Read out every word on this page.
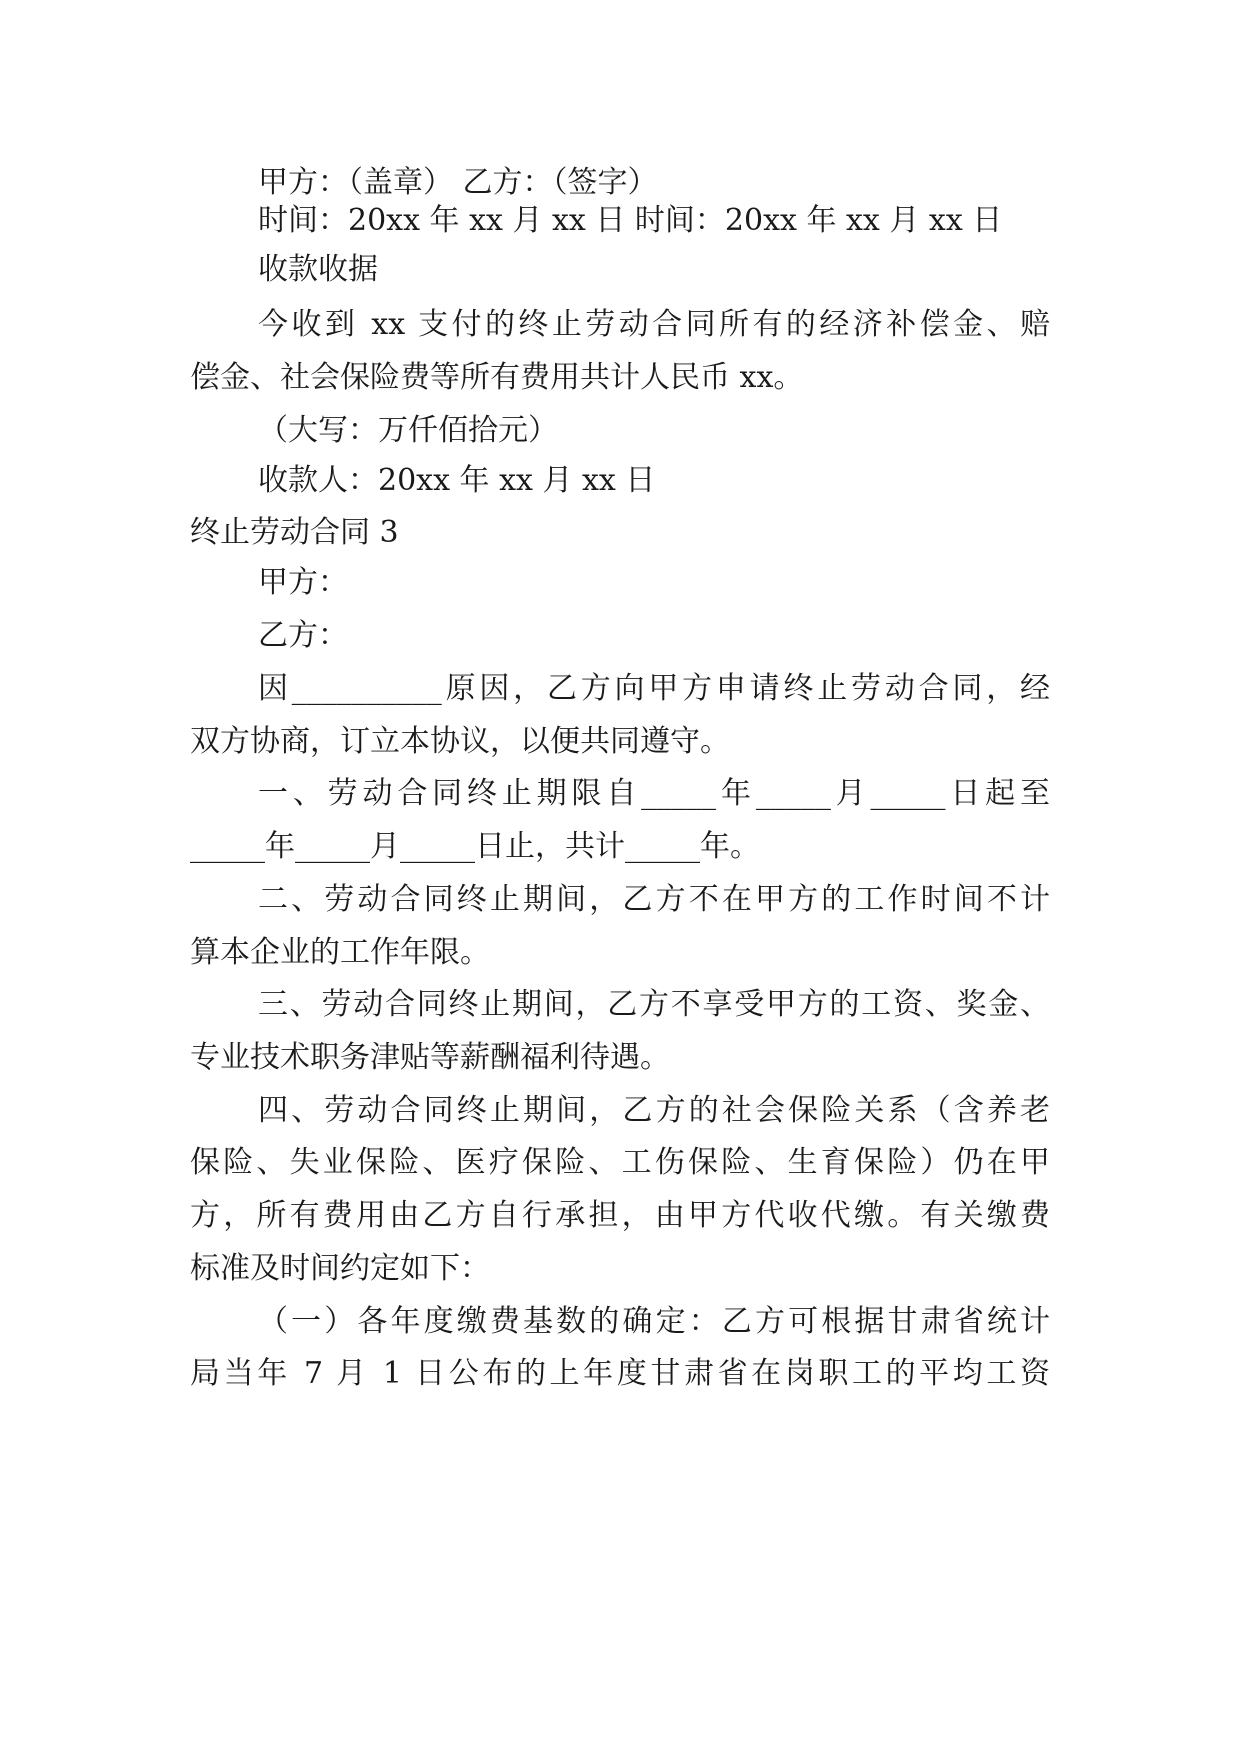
甲方：（盖章） 乙方：（签字）
时间：20xx 年 xx 月 xx 日 时间：20xx 年 xx 月 xx 日
收款收据
今收到 xx 支付的终止劳动合同所有的经济补偿金、赔
偿金、社会保险费等所有费用共计人民币 xx。
（大写：万仟佰拾元）
收款人：20xx 年 xx 月 xx 日
终止劳动合同 3
甲方：
乙方：
因__________原因，乙方向甲方申请终止劳动合同，经
双方协商，订立本协议，以便共同遵守。
一、劳动合同终止期限自_____年_____月_____日起至
_____年_____月_____日止，共计_____年。
二、劳动合同终止期间，乙方不在甲方的工作时间不计
算本企业的工作年限。
三、劳动合同终止期间，乙方不享受甲方的工资、奖金、
专业技术职务津贴等薪酬福利待遇。
四、劳动合同终止期间，乙方的社会保险关系（含养老
保险、失业保险、医疗保险、工伤保险、生育保险）仍在甲
方，所有费用由乙方自行承担，由甲方代收代缴。有关缴费
标准及时间约定如下：
（一）各年度缴费基数的确定：乙方可根据甘肃省统计
局当年 7 月 1 日公布的上年度甘肃省在岗职工的平均工资
